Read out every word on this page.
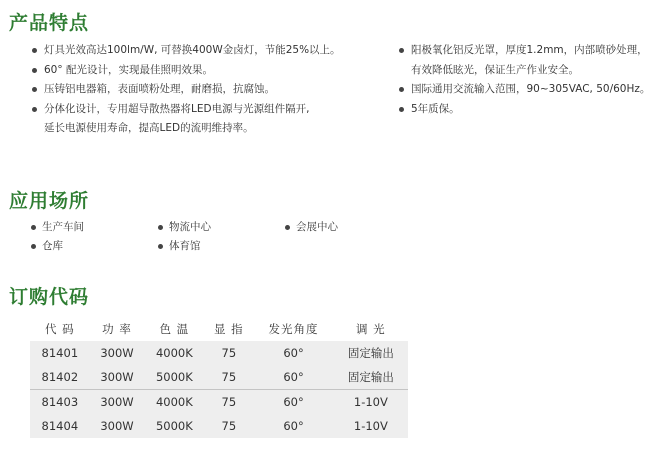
产品特点
灯具光效高达100lm/W, 可替换400W金卤灯，节能25%以上。
60° 配光设计，实现最佳照明效果。
压铸铝电器箱，表面喷粉处理，耐磨损，抗腐蚀。
分体化设计，专用超导散热器将LED电源与光源组件隔开,
延长电源使用寿命，提高LED的流明维持率。
阳极氧化铝反光罩，厚度1.2mm，内部喷砂处理，
有效降低眩光，保证生产作业安全。
国际通用交流输入范围，90~305VAC, 50/60Hz。
5年质保。
应用场所
生产车间	物流中心	会展中心
仓库	体育馆
订购代码
代 码	功 率	色 温	显 指	发光角度	调 光
81401	300W	4000K	75	60°	固定输出
81402	300W	5000K	75	60°	固定输出
81403	300W	4000K	75	60°	1-10V
81404	300W	5000K	75	60°	1-10V
